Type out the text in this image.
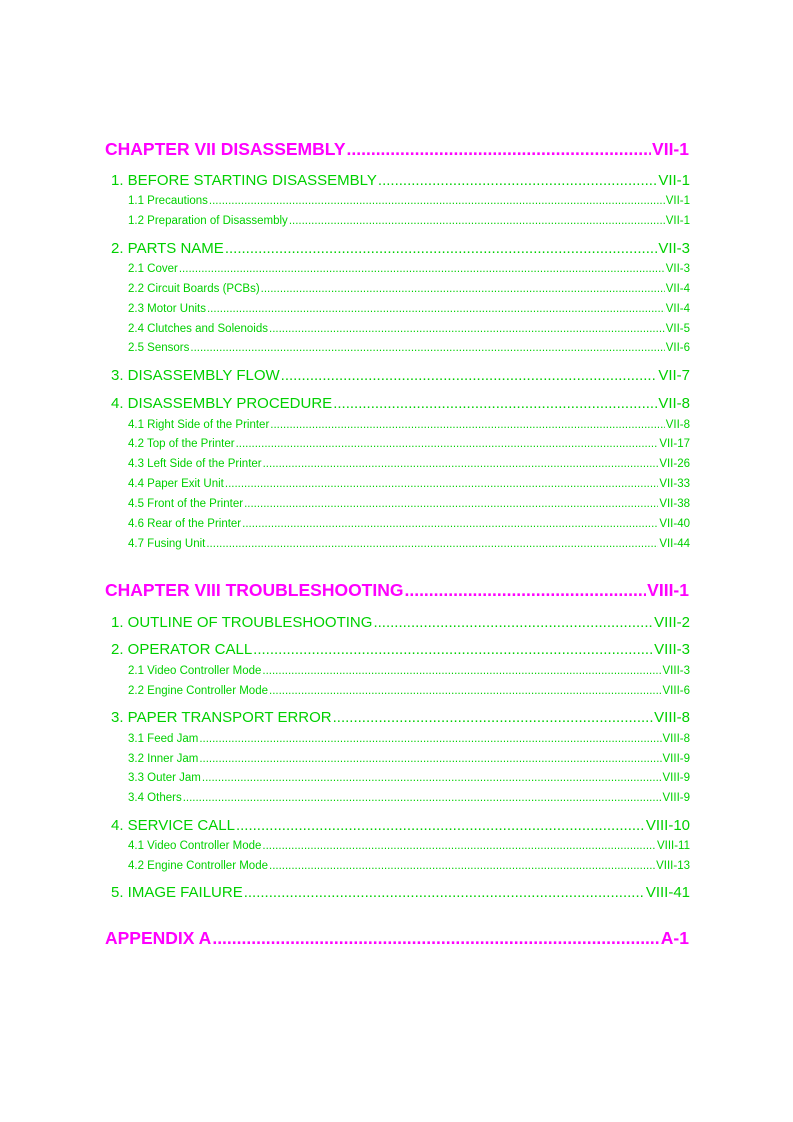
CHAPTER VII DISASSEMBLY .....	VII-1
1. BEFORE STARTING DISASSEMBLY .....	VII-1
1.1 Precautions .....	VII-1
1.2 Preparation of Disassembly .....	VII-1
2. PARTS NAME .....	VII-3
2.1 Cover .....	VII-3
2.2 Circuit Boards (PCBs) .....	VII-4
2.3 Motor Units .....	VII-4
2.4 Clutches and Solenoids .....	VII-5
2.5 Sensors .....	VII-6
3. DISASSEMBLY FLOW .....	VII-7
4. DISASSEMBLY PROCEDURE .....	VII-8
4.1 Right Side of the Printer .....	VII-8
4.2 Top of the Printer .....	VII-17
4.3 Left Side of the Printer .....	VII-26
4.4 Paper Exit Unit .....	VII-33
4.5 Front of the Printer .....	VII-38
4.6 Rear of the Printer .....	VII-40
4.7 Fusing Unit .....	VII-44
CHAPTER VIII TROUBLESHOOTING .....	VIII-1
1. OUTLINE OF TROUBLESHOOTING .....	VIII-2
2. OPERATOR CALL .....	VIII-3
2.1 Video Controller Mode .....	VIII-3
2.2 Engine Controller Mode .....	VIII-6
3. PAPER TRANSPORT ERROR .....	VIII-8
3.1 Feed Jam .....	VIII-8
3.2 Inner Jam .....	VIII-9
3.3 Outer Jam .....	VIII-9
3.4 Others .....	VIII-9
4. SERVICE CALL .....	VIII-10
4.1 Video Controller Mode .....	VIII-11
4.2 Engine Controller Mode .....	VIII-13
5. IMAGE FAILURE .....	VIII-41
APPENDIX A .....	A-1
